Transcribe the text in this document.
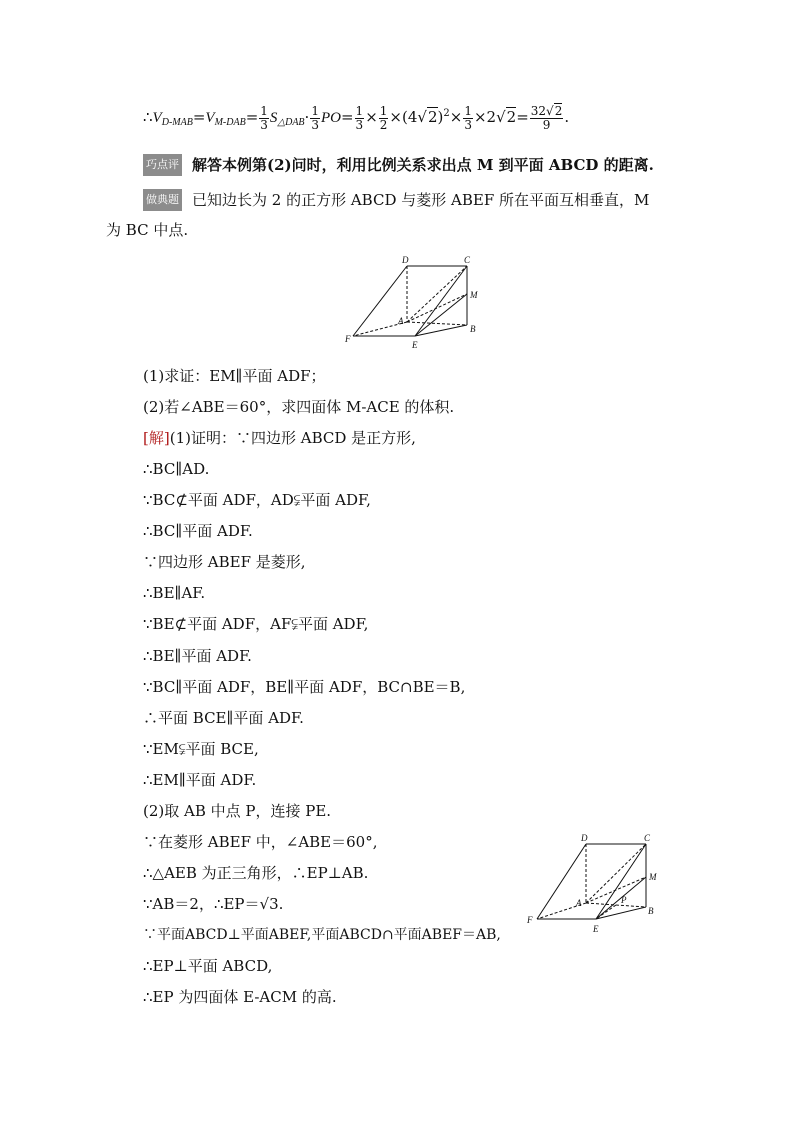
$\therefore V_{D-MAB}=V_{M-DAB}= \frac{1}{3} S_{\triangle DAB}\cdot \frac{1}{3} PO= \frac{1}{3} \times \frac{1}{2} \times(4√2)^2\times \frac{1}{3} \times 2√2= \frac{32√2}{9}$ .
巧点评 解答本例第(2)问时，利用比例关系求出点 M 到平面 ABCD 的距离.
做典题 已知边长为 2 的正方形 ABCD 与菱形 ABEF 所在平面互相垂直，M
为 BC 中点.
D	C
M
A
B
F
E
(1)求证：EM∥平面 ADF；
(2)若∠ABE＝60°，求四面体 M-ACE 的体积.
[解](1)证明：∵四边形 ABCD 是正方形,
∴BC∥AD.
∵BC⊄平面 ADF，AD⫋平面 ADF,
∴BC∥平面 ADF.
∵四边形 ABEF 是菱形,
∴BE∥AF.
∵BE⊄平面 ADF，AF⫋平面 ADF,
∴BE∥平面 ADF.
∵BC∥平面 ADF，BE∥平面 ADF，BC∩BE＝B,
∴平面 BCE∥平面 ADF.
∵EM⫋平面 BCE,
∴EM∥平面 ADF.
(2)取 AB 中点 P，连接 PE.
∵在菱形 ABEF 中，∠ABE＝60°,
∴△AEB 为正三角形，∴EP⊥AB.
∵AB＝2，∴EP＝√3.
∵平面ABCD⊥平面ABEF,平面ABCD∩平面ABEF＝AB,
∴EP⊥平面 ABCD,
∴EP 为四面体 E-ACM 的高.
D	C
M
A	P
B
F
E
